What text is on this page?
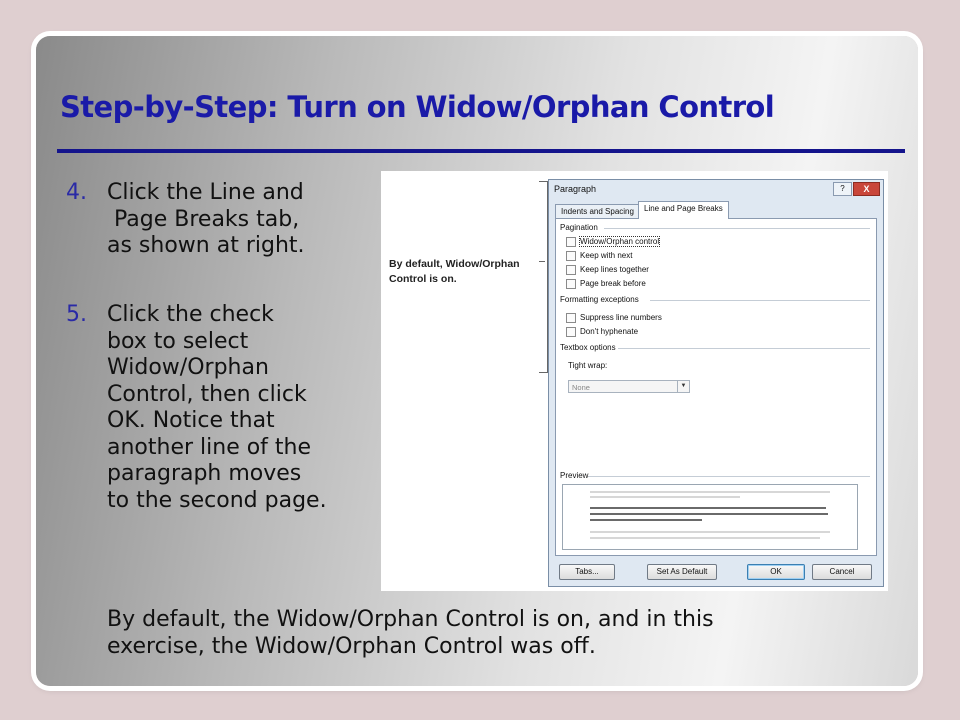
Step-by-Step: Turn on Widow/Orphan Control
4. Click the Line and
Page Breaks tab,
as shown at right.
5. Click the check
box to select
Widow/Orphan
Control, then click
OK. Notice that
another line of the
paragraph moves
to the second page.
By default, the Widow/Orphan Control is on, and in this
exercise, the Widow/Orphan Control was off.
By default, Widow/Orphan
Control is on.
Paragraph	?	X
Indents and Spacing	Line and Page Breaks
Pagination
Widow/Orphan control
Keep with next
Keep lines together
Page break before
Formatting exceptions
Suppress line numbers
Don't hyphenate
Textbox options
Tight wrap:
None	▼
Preview
Tabs...	Set As Default	OK	Cancel
